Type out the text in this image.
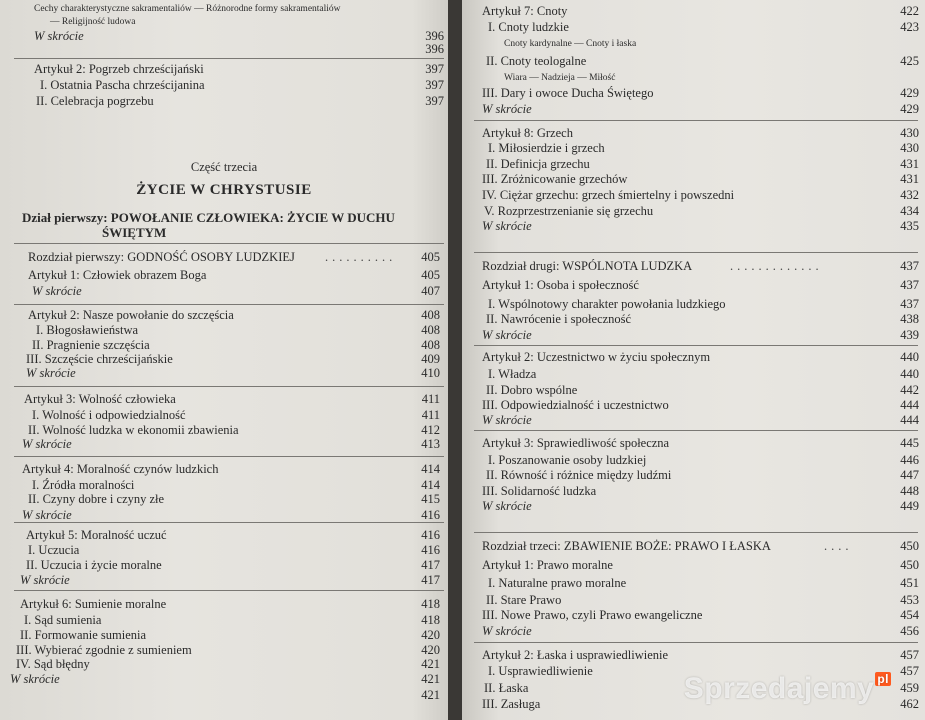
Cechy charakterystyczne sakramentaliów — Różnorodne formy sakramentaliów
— Religijność ludowa
W skrócie	396
396
Artykuł 2: Pogrzeb chrześcijański	397
I. Ostatnia Pascha chrześcijanina	397
II. Celebracja pogrzebu	397
Część trzecia
ŻYCIE W CHRYSTUSIE
Dział pierwszy: POWOŁANIE CZŁOWIEKA: ŻYCIE W DUCHU
ŚWIĘTYM
Rozdział pierwszy: GODNOŚĆ OSOBY LUDZKIEJ ..........	405
Artykuł 1: Człowiek obrazem Boga	405
W skrócie	407
Artykuł 2: Nasze powołanie do szczęścia	408
I. Błogosławieństwa	408
II. Pragnienie szczęścia	408
III. Szczęście chrześcijańskie	409
W skrócie	410
Artykuł 3: Wolność człowieka	411
I. Wolność i odpowiedzialność	411
II. Wolność ludzka w ekonomii zbawienia	412
W skrócie	413
Artykuł 4: Moralność czynów ludzkich	414
I. Źródła moralności	414
II. Czyny dobre i czyny złe	415
W skrócie	416
Artykuł 5: Moralność uczuć	416
I. Uczucia	416
II. Uczucia i życie moralne	417
W skrócie	417
Artykuł 6: Sumienie moralne	418
I. Sąd sumienia	418
II. Formowanie sumienia	420
III. Wybierać zgodnie z sumieniem	420
IV. Sąd błędny	421
W skrócie	421
421
Artykuł 7: Cnoty	422
I. Cnoty ludzkie	423
Cnoty kardynalne — Cnoty i łaska
II. Cnoty teologalne	425
Wiara — Nadzieja — Miłość
III. Dary i owoce Ducha Świętego	429
W skrócie	429
Artykuł 8: Grzech	430
I. Miłosierdzie i grzech	430
II. Definicja grzechu	431
III. Zróżnicowanie grzechów	431
IV. Ciężar grzechu: grzech śmiertelny i powszedni	432
V. Rozprzestrzenianie się grzechu	434
W skrócie	435
Rozdział drugi: WSPÓLNOTA LUDZKA	.............	437
Artykuł 1: Osoba i społeczność	437
I. Wspólnotowy charakter powołania ludzkiego	437
II. Nawrócenie i społeczność	438
W skrócie	439
Artykuł 2: Uczestnictwo w życiu społecznym	440
I. Władza	440
II. Dobro wspólne	442
III. Odpowiedzialność i uczestnictwo	444
W skrócie	444
Artykuł 3: Sprawiedliwość społeczna	445
I. Poszanowanie osoby ludzkiej	446
II. Równość i różnice między ludźmi	447
III. Solidarność ludzka	448
W skrócie	449
Rozdział trzeci: ZBAWIENIE BOŻE: PRAWO I ŁASKA	....	450
Artykuł 1: Prawo moralne	450
I. Naturalne prawo moralne	451
II. Stare Prawo	453
III. Nowe Prawo, czyli Prawo ewangeliczne	454
W skrócie	456
Artykuł 2: Łaska i usprawiedliwienie	457
I. Usprawiedliwienie	457
II. Łaska	459
III. Zasługa	462
Sprzedajemy $^{pl}$
